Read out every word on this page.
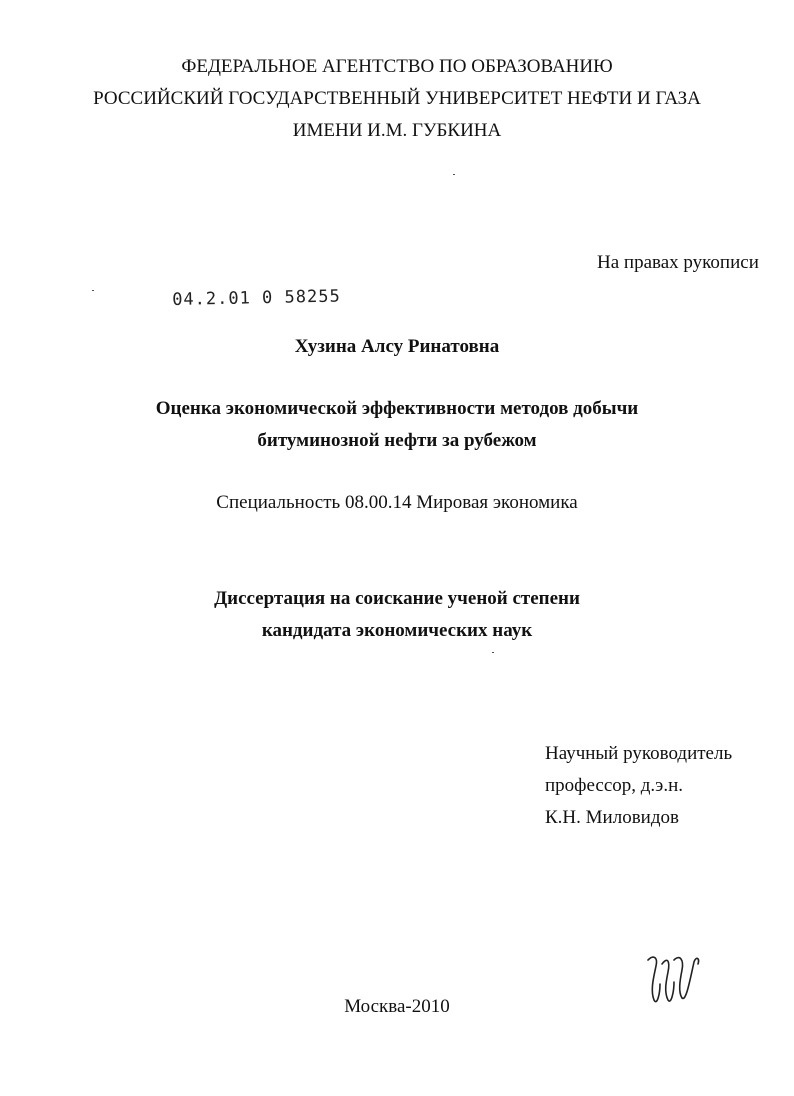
ФЕДЕРАЛЬНОЕ АГЕНТСТВО ПО ОБРАЗОВАНИЮ
РОССИЙСКИЙ ГОСУДАРСТВЕННЫЙ УНИВЕРСИТЕТ НЕФТИ И ГАЗА
ИМЕНИ И.М. ГУБКИНА
На правах рукописи
04.2.01 0 58255
Хузина Алсу Ринатовна
Оценка экономической эффективности методов добычи
битуминозной нефти за рубежом
Специальность 08.00.14 Мировая экономика
Диссертация на соискание ученой степени
кандидата экономических наук
Научный руководитель
профессор, д.э.н.
К.Н. Миловидов
Москва-2010
